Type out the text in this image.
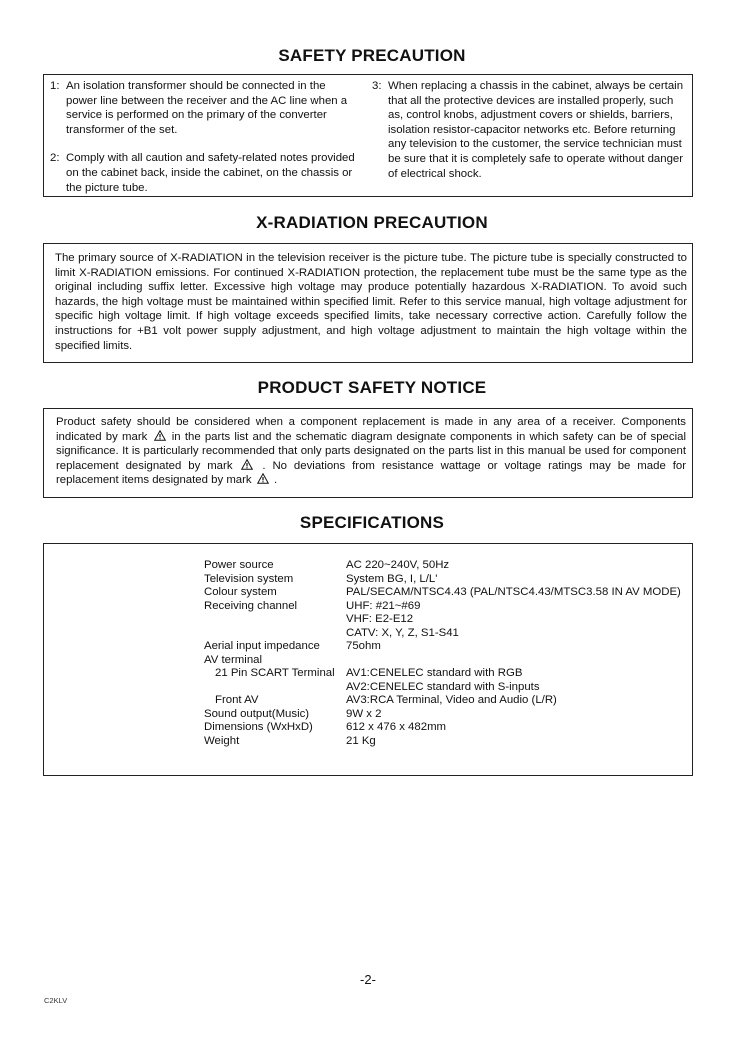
SAFETY PRECAUTION

1: An isolation transformer should be connected in the power line between the receiver and the AC line when a service is performed on the primary of the converter transformer of the set.

2: Comply with all caution and safety-related notes provided on the cabinet back, inside the cabinet, on the chassis or the picture tube.

3: When replacing a chassis in the cabinet, always be certain that all the protective devices are installed properly, such as, control knobs, adjustment covers or shields, barriers, isolation resistor-capacitor networks etc. Before returning any television to the customer, the service technician must be sure that it is completely safe to operate without danger of electrical shock.

X-RADIATION PRECAUTION

The primary source of X-RADIATION in the television receiver is the picture tube. The picture tube is specially constructed to limit X-RADIATION emissions. For continued X-RADIATION protection, the replacement tube must be the same type as the original including suffix letter. Excessive high voltage may produce potentially hazardous X-RADIATION. To avoid such hazards, the high voltage must be maintained within specified limit. Refer to this service manual, high voltage adjustment for specific high voltage limit. If high voltage exceeds specified limits, take necessary corrective action. Carefully follow the instructions for +B1 volt power supply adjustment, and high voltage adjustment to maintain the high voltage within the specified limits.

PRODUCT SAFETY NOTICE

Product safety should be considered when a component replacement is made in any area of a receiver. Components indicated by mark in the parts list and the schematic diagram designate components in which safety can be of special significance. It is particularly recommended that only parts designated on the parts list in this manual be used for component replacement designated by mark	. No deviations from resistance wattage or voltage ratings may be made for replacement items designated by mark .

SPECIFICATIONS
Power source	AC 220~240V, 50Hz
Television system	System BG, I, L/L'
Colour system	PAL/SECAM/NTSC4.43 (PAL/NTSC4.43/MTSC3.58 IN AV MODE)
Receiving channel	UHF: #21~#69
VHF: E2-E12
CATV: X, Y, Z, S1-S41
Aerial input impedance 75ohm
AV terminal
21 Pin SCART Terminal AV1:CENELEC standard with RGB
AV2:CENELEC standard with S-inputs
Front AV	AV3:RCA Terminal, Video and Audio (L/R)
Sound output(Music)	9W x 2
Dimensions (WxHxD)	612 x 476 x 482mm
Weight	21 Kg
-2-
C2KLV
